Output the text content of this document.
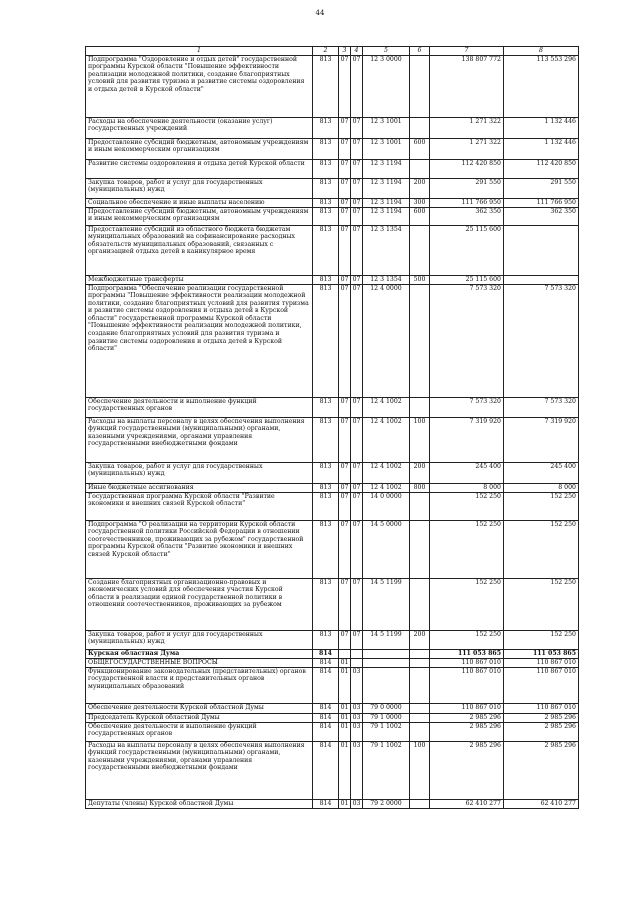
44
1	2	3	4	5	6	7	8
Подпрограмма "Оздоровление и отдых детей" государственной программы Курской области "Повышение эффективности реализации молодежной политики, создание благоприятных условий для развития туризма и развитие системы оздоровления и отдыха детей в Курской области"	813	07	07	12 3 0000		138 807 772	113 553 296
Расходы на обеспечение деятельности (оказание услуг) государственных учреждений	813	07	07	12 3 1001		1 271 322	1 132 446
Предоставление субсидий бюджетным, автономным учреждениям и иным некоммерческим организациям	813	07	07	12 3 1001	600	1 271 322	1 132 446
Развитие системы оздоровления и отдыха детей Курской области	813	07	07	12 3 1194		112 420 850	112 420 850
Закупка товаров, работ и услуг для государственных (муниципальных) нужд	813	07	07	12 3 1194	200	291 550	291 550
Социальное обеспечение и иные выплаты населению	813	07	07	12 3 1194	300	111 766 950	111 766 950
Предоставление субсидий бюджетным, автономным учреждениям и иным некоммерческим организациям	813	07	07	12 3 1194	600	362 350	362 350
Предоставление субсидий из областного бюджета бюджетам муниципальных образований на софинансирование расходных обязательств муниципальных образований, связанных с организацией отдыха детей в каникулярное время	813	07	07	12 3 1354		25 115 600	
Межбюджетные трансферты	813	07	07	12 3 1354	500	25 115 600	
Подпрограмма "Обеспечение реализации государственной программы "Повышение эффективности реализации молодежной политики, создание благоприятных условий для развития туризма и развитие системы оздоровления и отдыха детей в Курской области" государственной программы Курской области "Повышение эффективности реализации молодежной политики, создание благоприятных условий для развития туризма и развитие системы оздоровления и отдыха детей в Курской области"	813	07	07	12 4 0000		7 573 320	7 573 320
Обеспечение деятельности и выполнение функций государственных органов	813	07	07	12 4 1002		7 573 320	7 573 320
Расходы на выплаты персоналу в целях обеспечения выполнения функций государственными (муниципальными) органами, казенными учреждениями, органами управления государственными внебюджетными фондами	813	07	07	12 4 1002	100	7 319 920	7 319 920
Закупка товаров, работ и услуг для государственных (муниципальных) нужд	813	07	07	12 4 1002	200	245 400	245 400
Иные бюджетные ассигнования	813	07	07	12 4 1002	800	8 000	8 000
Государственная программа Курской области "Развитие экономики и внешних связей Курской области"	813	07	07	14 0 0000		152 250	152 250
Подпрограмма "О реализации на территории Курской области государственной политики Российской Федерации в отношении соотечественников, проживающих за рубежом" государственной программы Курской области "Развитие экономики и внешних связей Курской области"	813	07	07	14 5 0000		152 250	152 250
Создание благоприятных организационно-правовых и экономических условий для обеспечения участия Курской области в реализации единой государственной политики в отношении соотечественников, проживающих за рубежом	813	07	07	14 5 1199		152 250	152 250
Закупка товаров, работ и услуг для государственных (муниципальных) нужд	813	07	07	14 5 1199	200	152 250	152 250
Курская областная Дума	814					111 053 865	111 053 865
ОБЩЕГОСУДАРСТВЕННЫЕ ВОПРОСЫ	814	01				110 867 010	110 867 010
Функционирование законодательных (представительных) органов государственной власти и представительных органов муниципальных образований	814	01	03			110 867 010	110 867 010
Обеспечение деятельности Курской областной Думы	814	01	03	79 0 0000		110 867 010	110 867 010
Председатель Курской областной Думы	814	01	03	79 1 0000		2 985 296	2 985 296
Обеспечение деятельности и выполнение функций государственных органов	814	01	03	79 1 1002		2 985 296	2 985 296
Расходы на выплаты персоналу в целях обеспечения выполнения функций государственными (муниципальными) органами, казенными учреждениями, органами управления государственными внебюджетными фондами	814	01	03	79 1 1002	100	2 985 296	2 985 296
Депутаты (члены) Курской областной Думы	814	01	03	79 2 0000		62 410 277	62 410 277
